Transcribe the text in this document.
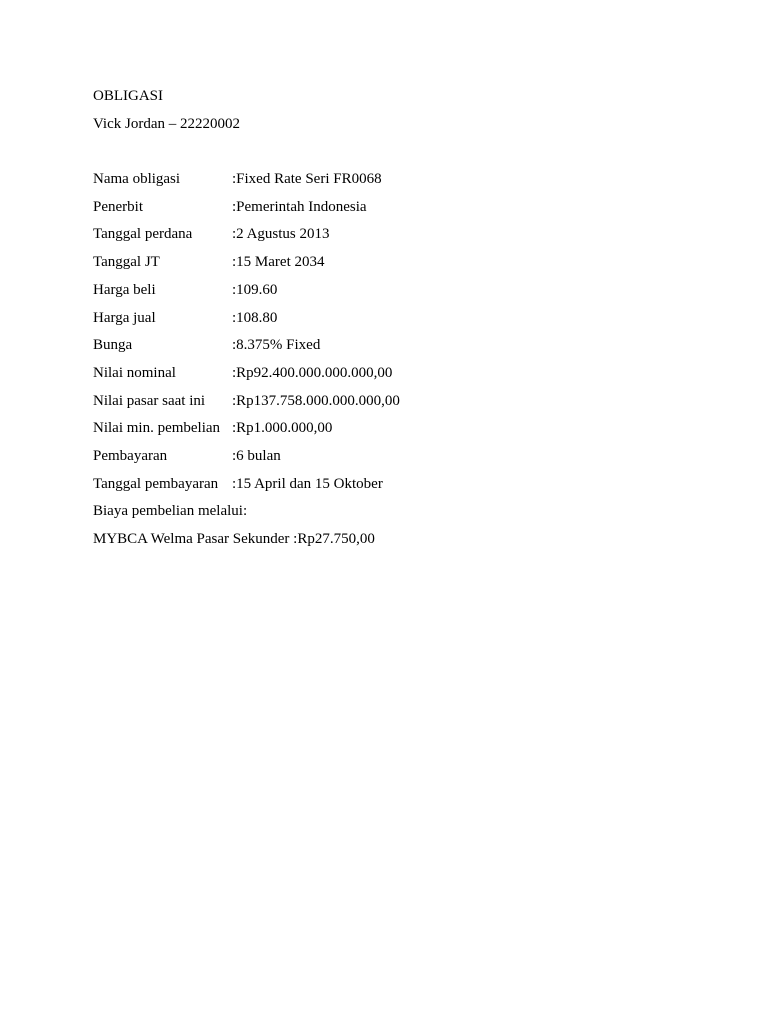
OBLIGASI
Vick Jordan – 22220002
Nama obligasi	:Fixed Rate Seri FR0068
Penerbit	:Pemerintah Indonesia
Tanggal perdana	:2 Agustus 2013
Tanggal JT	:15 Maret 2034
Harga beli	:109.60
Harga jual	:108.80
Bunga	:8.375% Fixed
Nilai nominal	:Rp92.400.000.000.000,00
Nilai pasar saat ini	:Rp137.758.000.000.000,00
Nilai min. pembelian :Rp1.000.000,00
Pembayaran	:6 bulan
Tanggal pembayaran :15 April dan 15 Oktober
Biaya pembelian melalui:
MYBCA Welma Pasar Sekunder :Rp27.750,00
